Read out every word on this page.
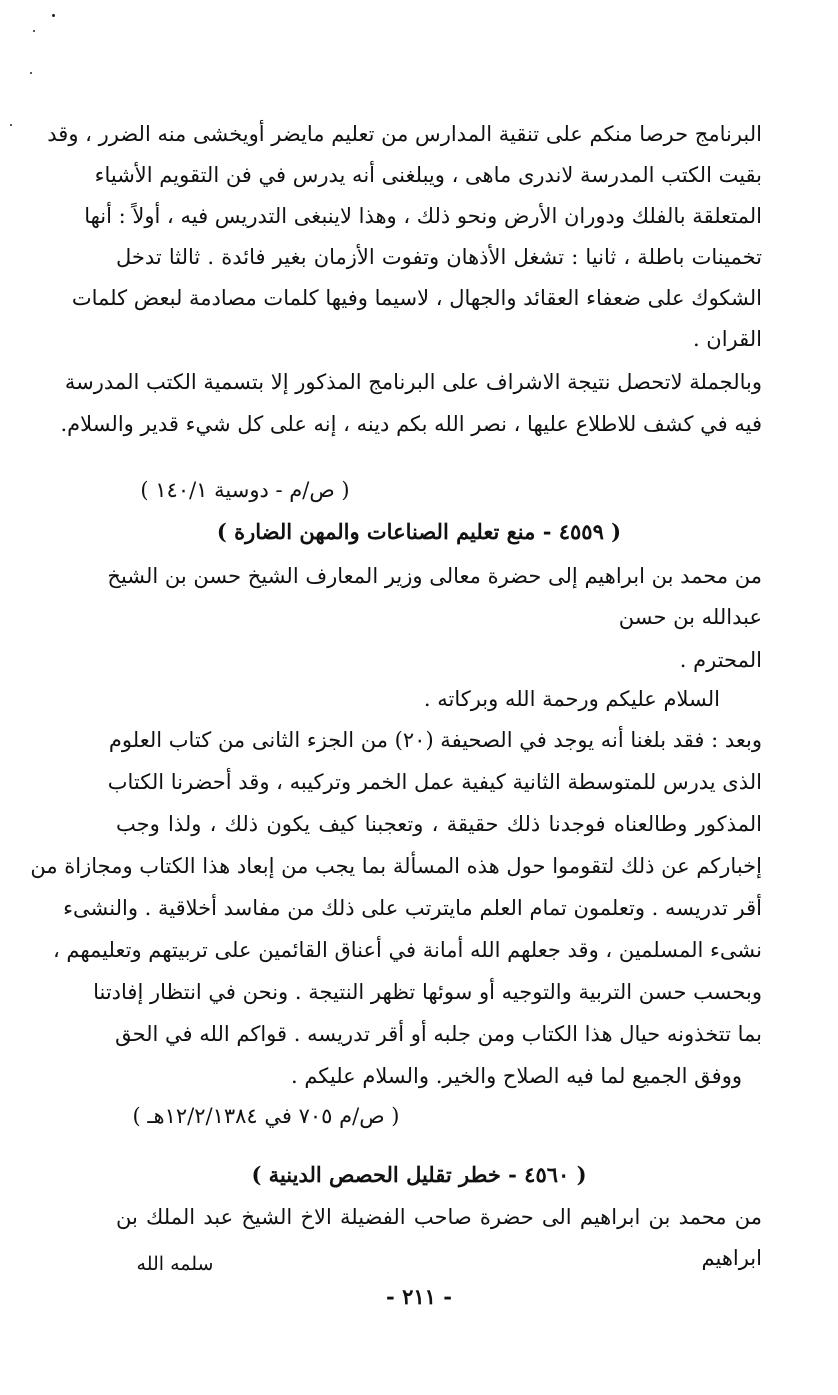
البرنامج حرصا منكم على تنقية المدارس من تعليم مايضر أويخشى منه الضرر ، وقد
بقيت الكتب المدرسة لاندرى ماهى ، ويبلغنى أنه يدرس في فن التقويم الأشياء
المتعلقة بالفلك ودوران الأرض ونحو ذلك ، وهذا لاينبغى التدريس فيه ، أولاً : أنها
تخمينات باطلة ، ثانيا : تشغل الأذهان وتفوت الأزمان بغير فائدة . ثالثا تدخل
الشكوك على ضعفاء العقائد والجهال ، لاسيما وفيها كلمات مصادمة لبعض كلمات
القران .
وبالجملة لاتحصل نتيجة الاشراف على البرنامج المذكور إلا بتسمية الكتب المدرسة
فيه في كشف للاطلاع عليها ، نصر الله بكم دينه ، إنه على كل شيء قدير والسلام.
( ص/م - دوسية ١٤٠/١ )
( ٤٥٥٩ - منع تعليم الصناعات والمهن الضارة )
من محمد بن ابراهيم إلى حضرة معالى وزير المعارف الشيخ حسن بن الشيخ
عبدالله بن حسن
المحترم .
السلام عليكم ورحمة الله وبركاته .
وبعد : فقد بلغنا أنه يوجد في الصحيفة (٢٠) من الجزء الثانى من كتاب العلوم
الذى يدرس للمتوسطة الثانية كيفية عمل الخمر وتركيبه ، وقد أحضرنا الكتاب
المذكور وطالعناه فوجدنا ذلك حقيقة ، وتعجبنا كيف يكون ذلك ، ولذا وجب
إخباركم عن ذلك لتقوموا حول هذه المسألة بما يجب من إبعاد هذا الكتاب ومجازاة من
أقر تدريسه . وتعلمون تمام العلم مايترتب على ذلك من مفاسد أخلاقية . والنشىء
نشىء المسلمين ، وقد جعلهم الله أمانة في أعناق القائمين على تربيتهم وتعليمهم ،
وبحسب حسن التربية والتوجيه أو سوئها تظهر النتيجة . ونحن في انتظار إفادتنا
بما تتخذونه حيال هذا الكتاب ومن جلبه أو أقر تدريسه . قواكم الله في الحق
ووفق الجميع لما فيه الصلاح والخير. والسلام عليكم .
( ص/م ٧٠٥ في ١٢/٢/١٣٨٤هـ )
( ٤٥٦٠ - خطر تقليل الحصص الدينية )
من محمد بن ابراهيم الى حضرة صاحب الفضيلة الاخ الشيخ عبد الملك بن
ابراهيم
سلمه الله
- ٢١١ -
